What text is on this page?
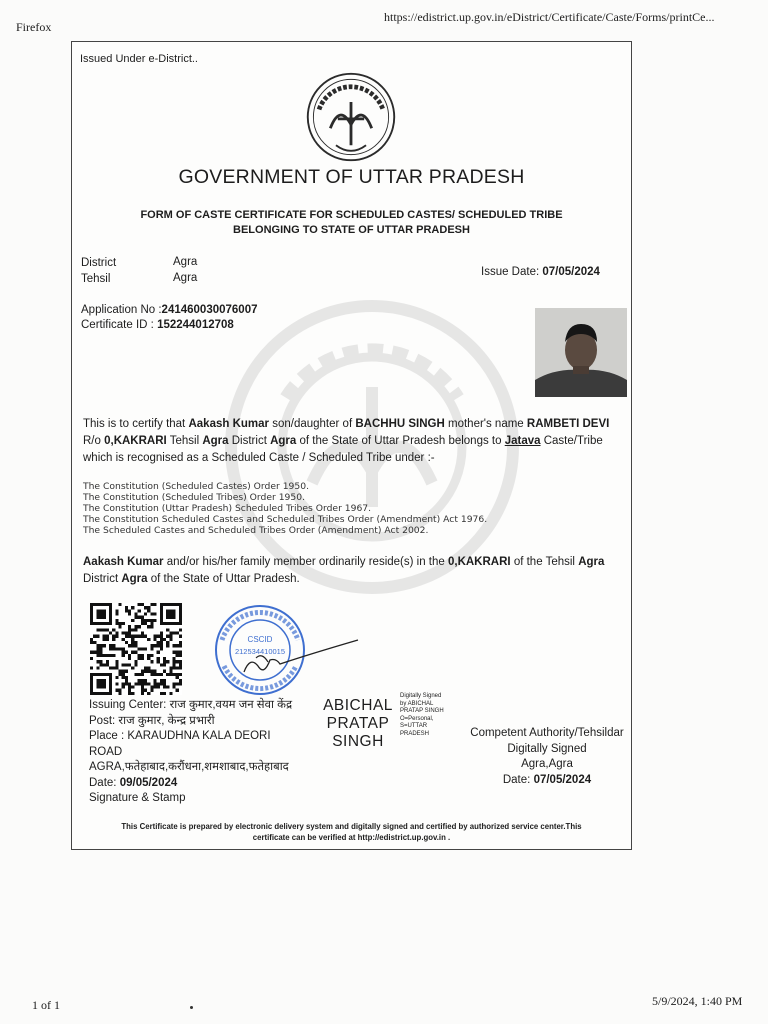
Firefox
https://edistrict.up.gov.in/eDistrict/Certificate/Caste/Forms/printCe...
Issued Under e-District..
GOVERNMENT OF UTTAR PRADESH
FORM OF CASTE CERTIFICATE FOR SCHEDULED CASTES/ SCHEDULED TRIBE
BELONGING TO STATE OF UTTAR PRADESH
District	Agra
Tehsil	Agra	Issue Date: 07/05/2024
Application No :241460030076007
Certificate ID : 152244012708
This is to certify that Aakash Kumar son/daughter of BACHHU SINGH mother's name RAMBETI DEVI R/o 0,KAKRARI Tehsil Agra District Agra of the State of Uttar Pradesh belongs to Jatava Caste/Tribe which is recognised as a Scheduled Caste / Scheduled Tribe under :-
The Constitution (Scheduled Castes) Order 1950.
The Constitution (Scheduled Tribes) Order 1950.
The Constitution (Uttar Pradesh) Scheduled Tribes Order 1967.
The Constitution Scheduled Castes and Scheduled Tribes Order (Amendment) Act 1976.
The Scheduled Castes and Scheduled Tribes Order (Amendment) Act 2002.
Aakash Kumar and/or his/her family member ordinarily reside(s) in the 0,KAKRARI of the Tehsil Agra District Agra of the State of Uttar Pradesh.
CSCID
212534410015
Issuing Center: राज कुमार,वयम जन सेवा केंद्र
Post: राज कुमार, केन्द्र प्रभारी
Place : KARAUDHNA KALA DEORI
ROAD
AGRA,फतेहाबाद,करौंधना,शमशाबाद,फतेहाबाद
Date: 09/05/2024
Signature & Stamp
ABICHAL
PRATAP
SINGH
Digitally Signed
by ABICHAL
PRATAP SINGH
O=Personal,
S=UTTAR
PRADESH	Competent Authority/Tehsildar
Digitally Signed
Agra,Agra
Date: 07/05/2024
This Certificate is prepared by electronic delivery system and digitally signed and certified by authorized service center.This
certificate can be verified at http://edistrict.up.gov.in .
1 of 1	5/9/2024, 1:40 PM
